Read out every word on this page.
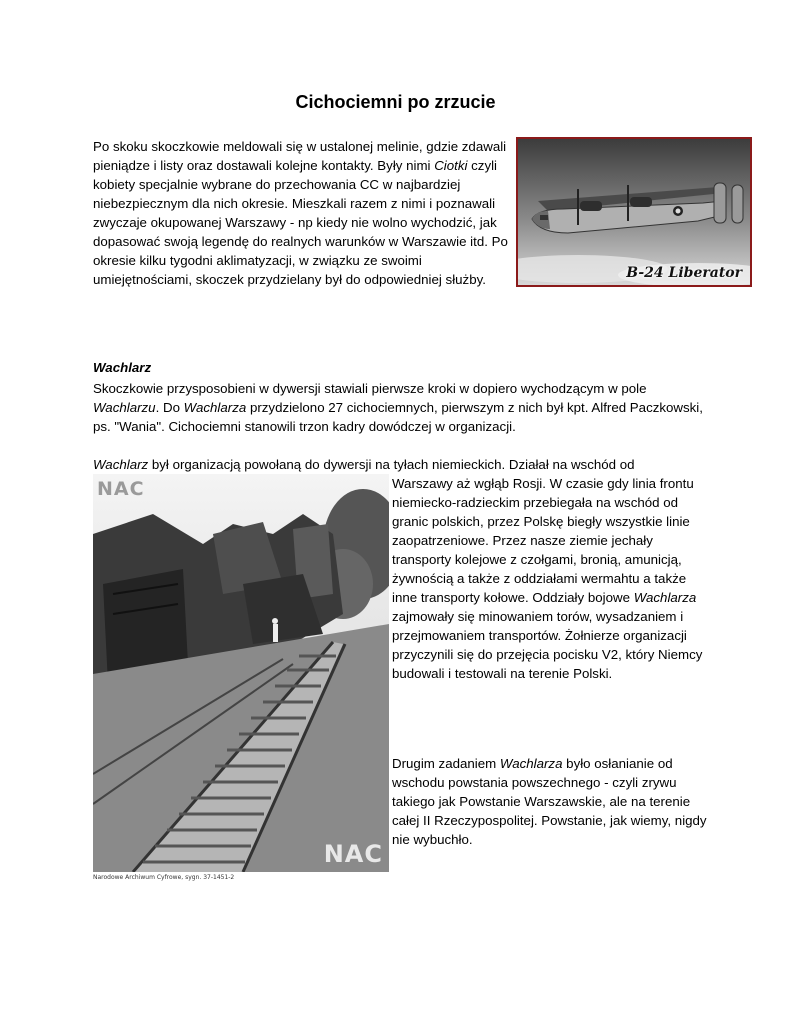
Cichociemni po zrzucie

Po skoku skoczkowie meldowali się w ustalonej melinie, gdzie zdawali pieniądze i listy oraz dostawali kolejne kontakty. Były nimi Ciotki czyli kobiety specjalnie wybrane do przechowania CC w najbardziej niebezpiecznym dla nich okresie. Mieszkali razem z nimi i poznawali zwyczaje okupowanej Warszawy - np kiedy nie wolno wychodzić, jak dopasować swoją legendę do realnych warunków w Warszawie itd. Po okresie kilku tygodni aklimatyzacji, w związku ze swoimi umiejętnościami, skoczek przydzielany był do odpowiedniej służby.	B-24 Liberator

Wachlarz

Skoczkowie przysposobieni w dywersji stawiali pierwsze kroki w dopiero wychodzącym w pole Wachlarzu. Do Wachlarza przydzielono 27 cichociemnych, pierwszym z nich był kpt. Alfred Paczkowski, ps. "Wania". Cichociemni stanowili trzon kadry dowódczej w organizacji.

Wachlarz był organizacją powołaną do dywersji na tyłach niemieckich. Działał na wschód od

Warszawy aż wgłąb Rosji. W czasie gdy linia frontu niemiecko-radzieckim przebiegała na wschód od granic polskich, przez Polskę biegły wszystkie linie zaopatrzeniowe. Przez nasze ziemie jechały transporty kolejowe z czołgami, bronią, amunicją, żywnością a także z oddziałami wermahtu a także inne transporty kołowe. Oddziały bojowe Wachlarza zajmowały się minowaniem torów, wysadzaniem i przejmowaniem transportów. Żołnierze organizacji przyczynili się do przejęcia pocisku V2, który Niemcy budowali i testowali na terenie Polski.

Drugim zadaniem Wachlarza było osłanianie od wschodu powstania powszechnego - czyli zrywu takiego jak Powstanie Warszawskie, ale na terenie całej II Rzeczypospolitej. Powstanie, jak wiemy, nigdy nie wybuchło.

NAC
NAC
Narodowe Archiwum Cyfrowe, sygn. 37-1451-2
